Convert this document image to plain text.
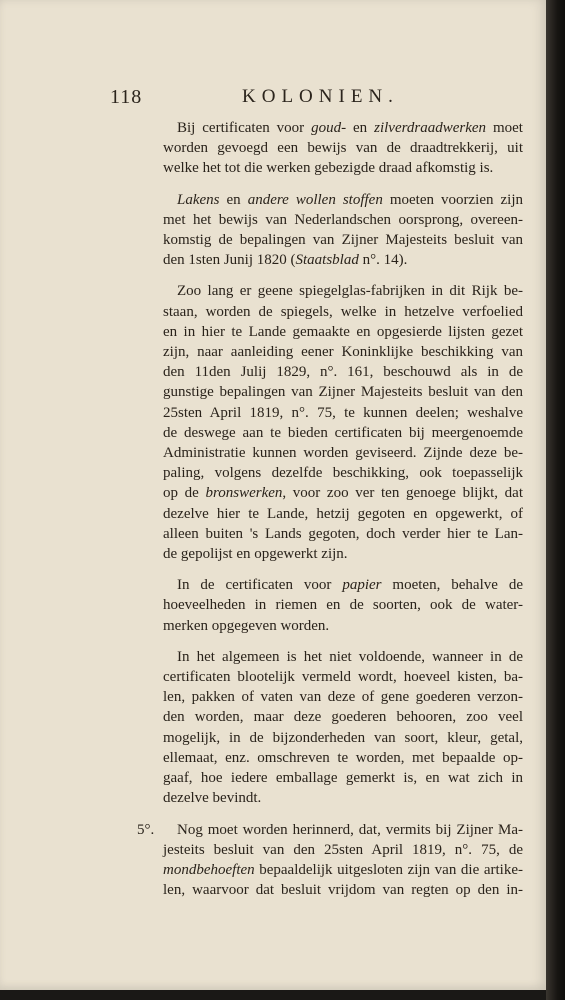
118	KOLONIEN.
Bij certificaten voor goud- en zilverdraadwerken moet
worden gevoegd een bewijs van de draadtrekkerij, uit
welke het tot die werken gebezigde draad afkomstig is.
Lakens en andere wollen stoffen moeten voorzien zijn
met het bewijs van Nederlandschen oorsprong, overeen-
komstig de bepalingen van Zijner Majesteits besluit van
den 1sten Junij 1820 (Staatsblad n°. 14).
Zoo lang er geene spiegelglas-fabrijken in dit Rijk be-
staan, worden de spiegels, welke in hetzelve verfoelied
en in hier te Lande gemaakte en opgesierde lijsten gezet
zijn, naar aanleiding eener Koninklijke beschikking van
den 11den Julij 1829, n°. 161, beschouwd als in de
gunstige bepalingen van Zijner Majesteits besluit van den
25sten April 1819, n°. 75, te kunnen deelen; weshalve
de deswege aan te bieden certificaten bij meergenoemde
Administratie kunnen worden geviseerd. Zijnde deze be-
paling, volgens dezelfde beschikking, ook toepasselijk
op de bronswerken, voor zoo ver ten genoege blijkt, dat
dezelve hier te Lande, hetzij gegoten en opgewerkt, of
alleen buiten 's Lands gegoten, doch verder hier te Lan-
de gepolijst en opgewerkt zijn.
In de certificaten voor papier moeten, behalve de
hoeveelheden in riemen en de soorten, ook de water-
merken opgegeven worden.
In het algemeen is het niet voldoende, wanneer in de
certificaten blootelijk vermeld wordt, hoeveel kisten, ba-
len, pakken of vaten van deze of gene goederen verzon-
den worden, maar deze goederen behooren, zoo veel
mogelijk, in de bijzonderheden van soort, kleur, getal,
ellemaat, enz. omschreven te worden, met bepaalde op-
gaaf, hoe iedere emballage gemerkt is, en wat zich in
dezelve bevindt.
5°. Nog moet worden herinnerd, dat, vermits bij Zijner Ma-
jesteits besluit van den 25sten April 1819, n°. 75, de
mondbehoeften bepaaldelijk uitgesloten zijn van die artike-
len, waarvoor dat besluit vrijdom van regten op den in-
